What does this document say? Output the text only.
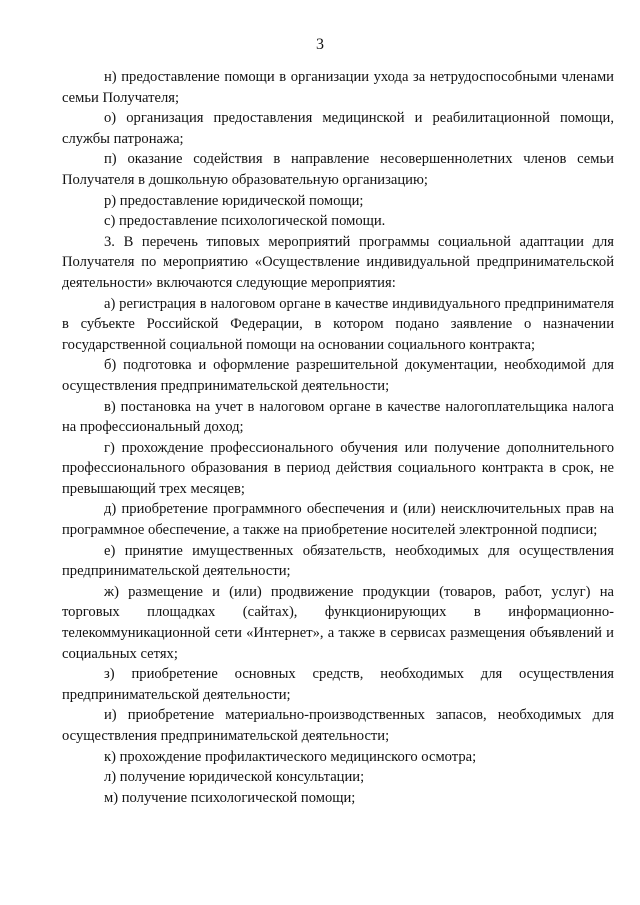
3

н) предоставление помощи в организации ухода за нетрудоспособными членами семьи Получателя;

о) организация предоставления медицинской и реабилитационной помощи, службы патронажа;

п) оказание содействия в направление несовершеннолетних членов семьи Получателя в дошкольную образовательную организацию;

р) предоставление юридической помощи;

с) предоставление психологической помощи.

3. В перечень типовых мероприятий программы социальной адаптации для Получателя по мероприятию «Осуществление индивидуальной предпринимательской деятельности» включаются следующие мероприятия:

а) регистрация в налоговом органе в качестве индивидуального предпринимателя в субъекте Российской Федерации, в котором подано заявление о назначении государственной социальной помощи на основании социального контракта;

б) подготовка и оформление разрешительной документации, необходимой для осуществления предпринимательской деятельности;

в) постановка на учет в налоговом органе в качестве налогоплательщика налога на профессиональный доход;

г) прохождение профессионального обучения или получение дополнительного профессионального образования в период действия социального контракта в срок, не превышающий трех месяцев;

д) приобретение программного обеспечения и (или) неисключительных прав на программное обеспечение, а также на приобретение носителей электронной подписи;

е) принятие имущественных обязательств, необходимых для осуществления предпринимательской деятельности;

ж) размещение и (или) продвижение продукции (товаров, работ, услуг) на торговых площадках (сайтах), функционирующих в информационно-телекоммуникационной сети «Интернет», а также в сервисах размещения объявлений и социальных сетях;

з) приобретение основных средств, необходимых для осуществления предпринимательской деятельности;

и) приобретение материально-производственных запасов, необходимых для осуществления предпринимательской деятельности;

к) прохождение профилактического медицинского осмотра;

л) получение юридической консультации;

м) получение психологической помощи;
